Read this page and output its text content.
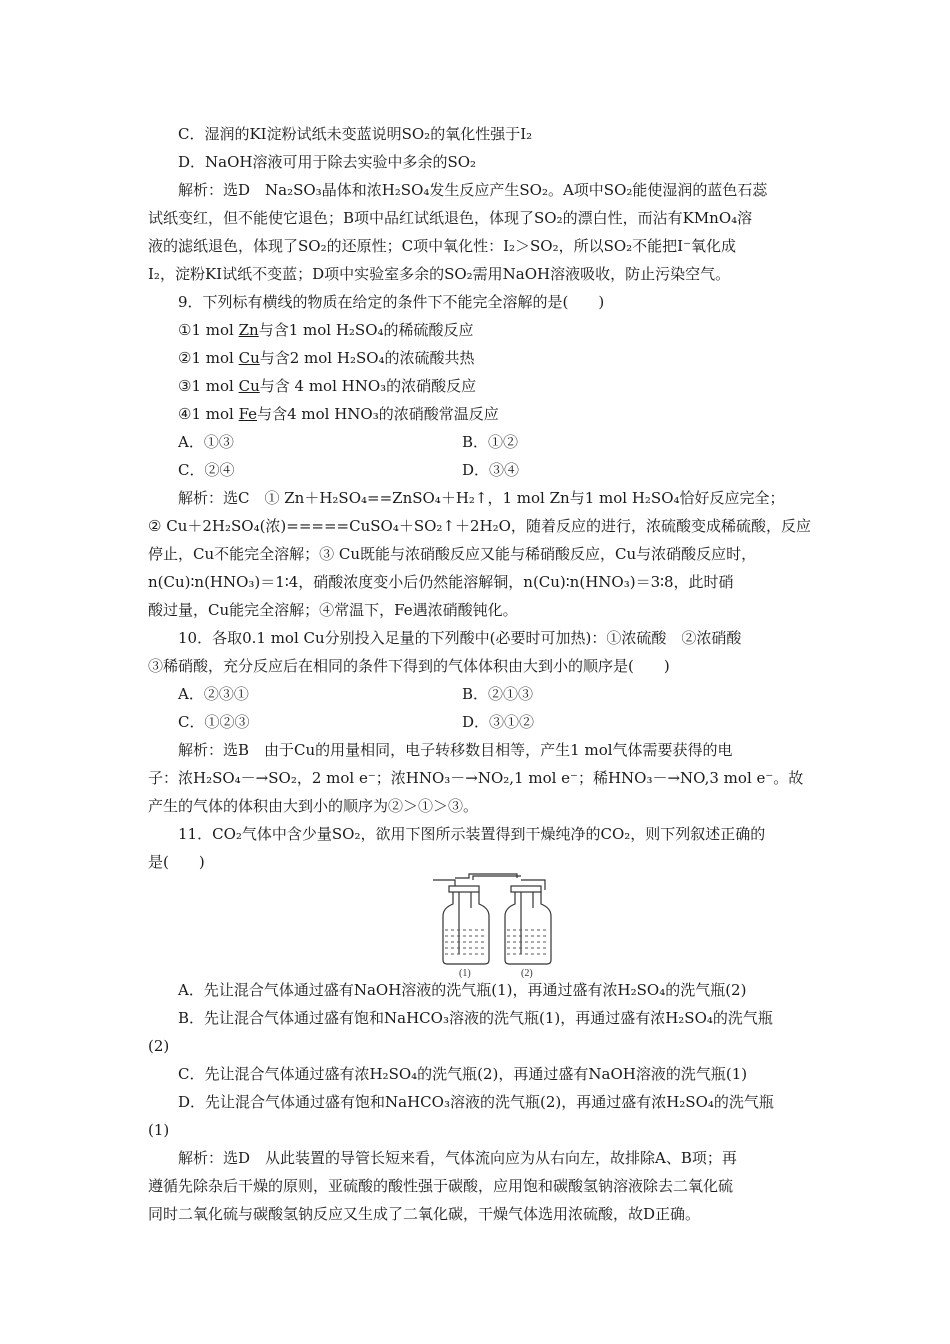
C．湿润的KI淀粉试纸未变蓝说明SO₂的氧化性强于I₂
D．NaOH溶液可用于除去实验中多余的SO₂
解析：选D　Na₂SO₃晶体和浓H₂SO₄发生反应产生SO₂。A项中SO₂能使湿润的蓝色石蕊
试纸变红，但不能使它退色；B项中品红试纸退色，体现了SO₂的漂白性，而沾有KMnO₄溶
液的滤纸退色，体现了SO₂的还原性；C项中氧化性：I₂＞SO₂，所以SO₂不能把I⁻氧化成
I₂，淀粉KI试纸不变蓝；D项中实验室多余的SO₂需用NaOH溶液吸收，防止污染空气。
9．下列标有横线的物质在给定的条件下不能完全溶解的是(　　)
①1 mol Zn与含1 mol H₂SO₄的稀硫酸反应
②1 mol Cu与含2 mol H₂SO₄的浓硫酸共热
③1 mol Cu与含 4 mol HNO₃的浓硝酸反应
④1 mol Fe与含4 mol HNO₃的浓硝酸常温反应
A．①③	B．①②
C．②④	D．③④
解析：选C　① Zn＋H₂SO₄==ZnSO₄＋H₂↑，1 mol Zn与1 mol H₂SO₄恰好反应完全；
② Cu＋2H₂SO₄(浓)=====CuSO₄＋SO₂↑＋2H₂O，随着反应的进行，浓硫酸变成稀硫酸，反应
停止，Cu不能完全溶解；③ Cu既能与浓硝酸反应又能与稀硝酸反应，Cu与浓硝酸反应时，
n(Cu)∶n(HNO₃)＝1∶4，硝酸浓度变小后仍然能溶解铜，n(Cu)∶n(HNO₃)＝3∶8，此时硝
酸过量，Cu能完全溶解；④常温下，Fe遇浓硝酸钝化。
10．各取0.1 mol Cu分别投入足量的下列酸中(必要时可加热)：①浓硫酸　②浓硝酸
③稀硝酸，充分反应后在相同的条件下得到的气体体积由大到小的顺序是(　　)
A．②③①	B．②①③
C．①②③	D．③①②
解析：选B　由于Cu的用量相同，电子转移数目相等，产生1 mol气体需要获得的电
子：浓H₂SO₄－→SO₂，2 mol e⁻；浓HNO₃－→NO₂,1 mol e⁻；稀HNO₃－→NO,3 mol e⁻。故
产生的气体的体积由大到小的顺序为②＞①＞③。
11．CO₂气体中含少量SO₂，欲用下图所示装置得到干燥纯净的CO₂，则下列叙述正确的
是(　　)
(1)	(2)
A．先让混合气体通过盛有NaOH溶液的洗气瓶(1)，再通过盛有浓H₂SO₄的洗气瓶(2)
B．先让混合气体通过盛有饱和NaHCO₃溶液的洗气瓶(1)，再通过盛有浓H₂SO₄的洗气瓶
(2)
C．先让混合气体通过盛有浓H₂SO₄的洗气瓶(2)，再通过盛有NaOH溶液的洗气瓶(1)
D．先让混合气体通过盛有饱和NaHCO₃溶液的洗气瓶(2)，再通过盛有浓H₂SO₄的洗气瓶
(1)
解析：选D　从此装置的导管长短来看，气体流向应为从右向左，故排除A、B项；再
遵循先除杂后干燥的原则，亚硫酸的酸性强于碳酸，应用饱和碳酸氢钠溶液除去二氧化硫
同时二氧化硫与碳酸氢钠反应又生成了二氧化碳，干燥气体选用浓硫酸，故D正确。
